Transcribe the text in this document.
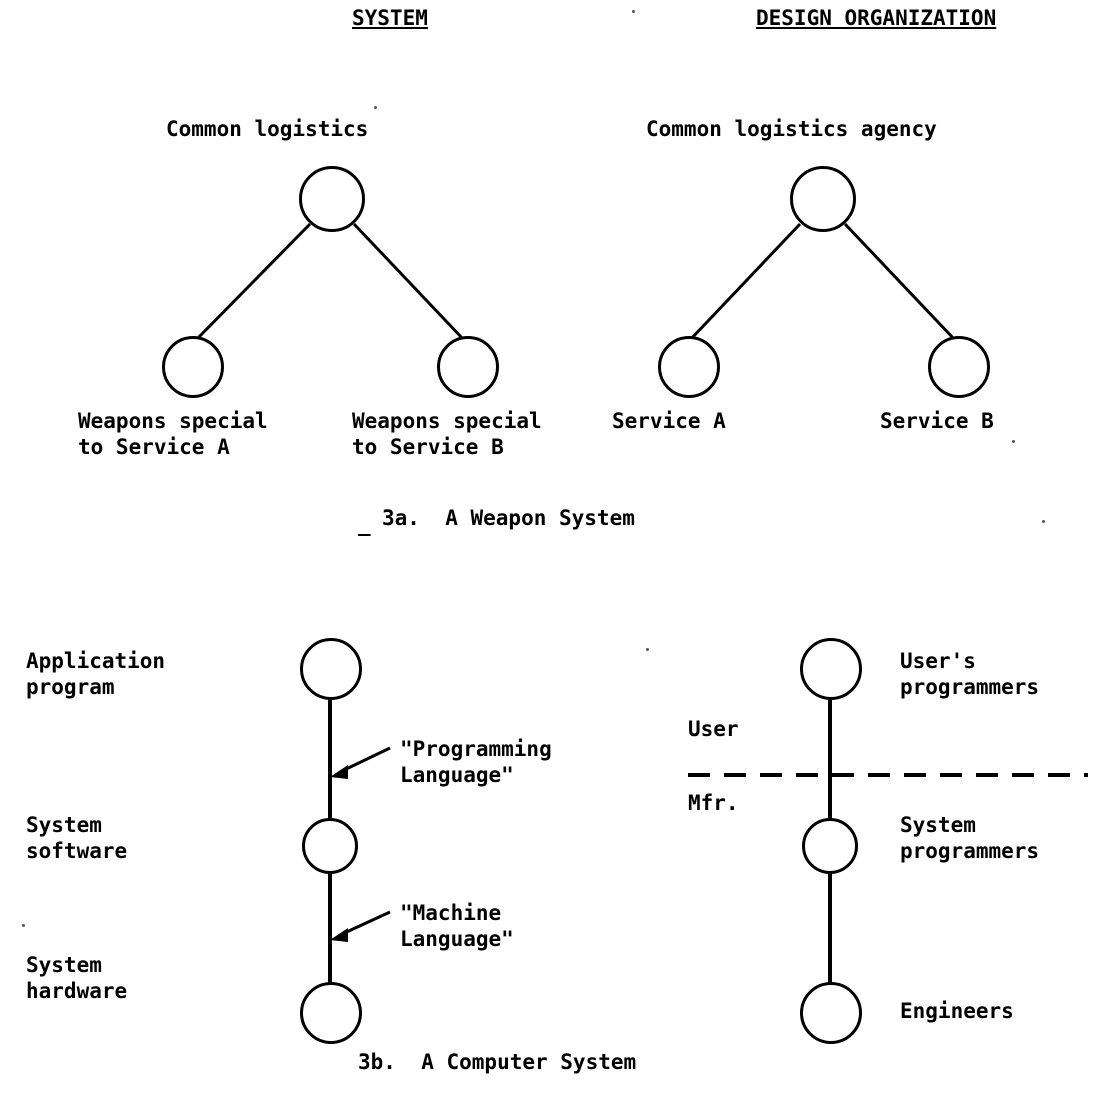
SYSTEM	DESIGN ORGANIZATION
Common logistics
Weapons special
to Service A
Weapons special
to Service B
Common logistics agency
Service A	Service B
_ 3a.  A Weapon System
Application
program
System
software
System
hardware
"Programming
Language"
"Machine
Language"
User's
programmers
User
Mfr.
System
programmers
Engineers
3b.  A Computer System
